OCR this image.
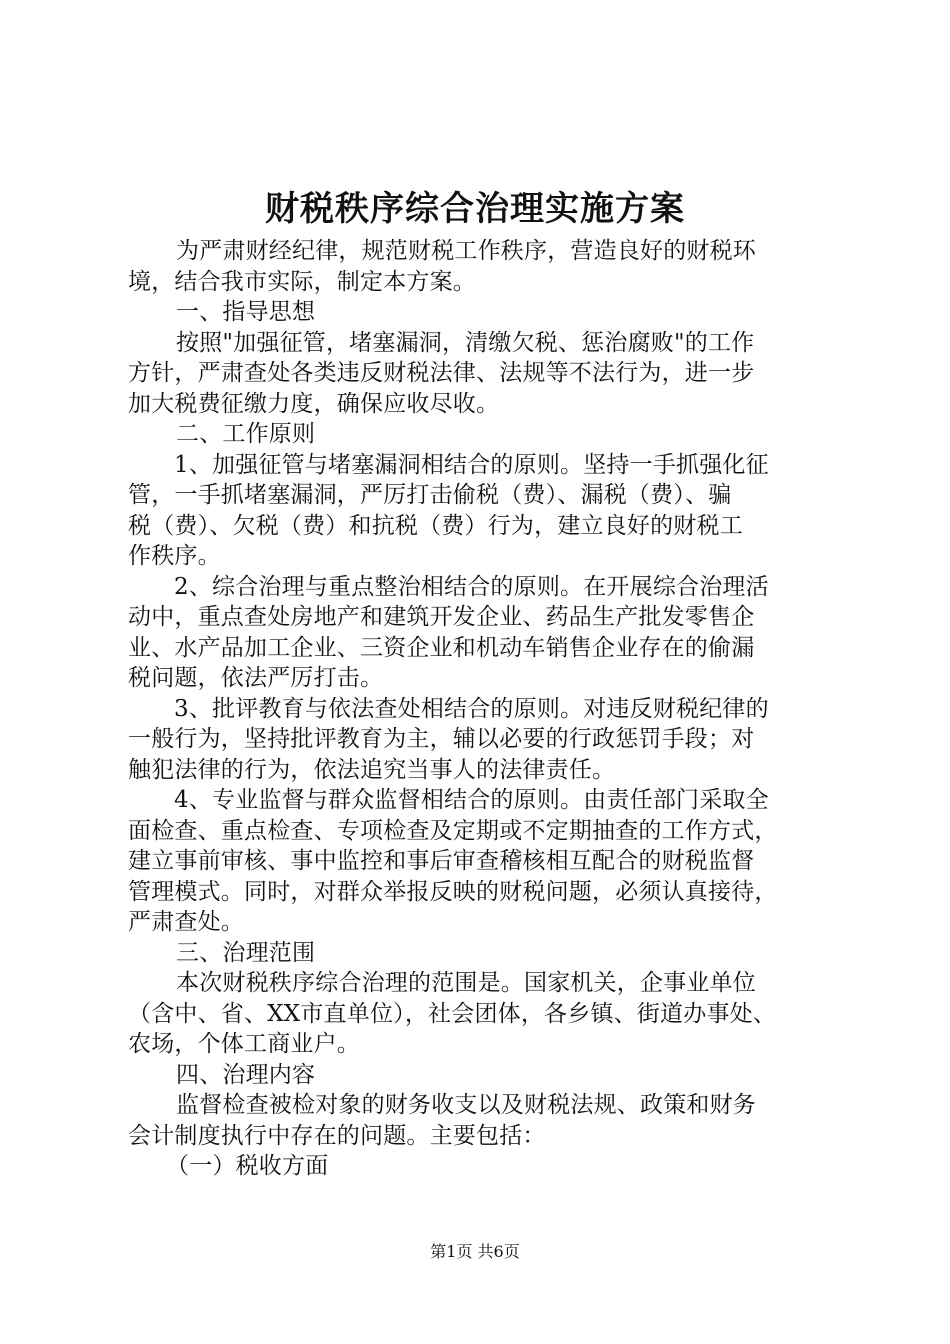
财税秩序综合治理实施方案
为严肃财经纪律，规范财税工作秩序，营造良好的财税环
境，结合我市实际，制定本方案。
一、指导思想
按照"加强征管，堵塞漏洞，清缴欠税、惩治腐败"的工作
方针，严肃查处各类违反财税法律、法规等不法行为，进一步
加大税费征缴力度，确保应收尽收。
二、工作原则
1、加强征管与堵塞漏洞相结合的原则。坚持一手抓强化征
管，一手抓堵塞漏洞，严厉打击偷税（费）、漏税（费）、骗
税（费）、欠税（费）和抗税（费）行为，建立良好的财税工
作秩序。
2、综合治理与重点整治相结合的原则。在开展综合治理活
动中，重点查处房地产和建筑开发企业、药品生产批发零售企
业、水产品加工企业、三资企业和机动车销售企业存在的偷漏
税问题，依法严厉打击。
3、批评教育与依法查处相结合的原则。对违反财税纪律的
一般行为，坚持批评教育为主，辅以必要的行政惩罚手段；对
触犯法律的行为，依法追究当事人的法律责任。
4、专业监督与群众监督相结合的原则。由责任部门采取全
面检查、重点检查、专项检查及定期或不定期抽查的工作方式，
建立事前审核、事中监控和事后审查稽核相互配合的财税监督
管理模式。同时，对群众举报反映的财税问题，必须认真接待，
严肃查处。
三、治理范围
本次财税秩序综合治理的范围是。国家机关，企事业单位
（含中、省、XX市直单位），社会团体，各乡镇、街道办事处、
农场，个体工商业户。
四、治理内容
监督检查被检对象的财务收支以及财税法规、政策和财务
会计制度执行中存在的问题。主要包括：
（一）税收方面
第1页 共6页
